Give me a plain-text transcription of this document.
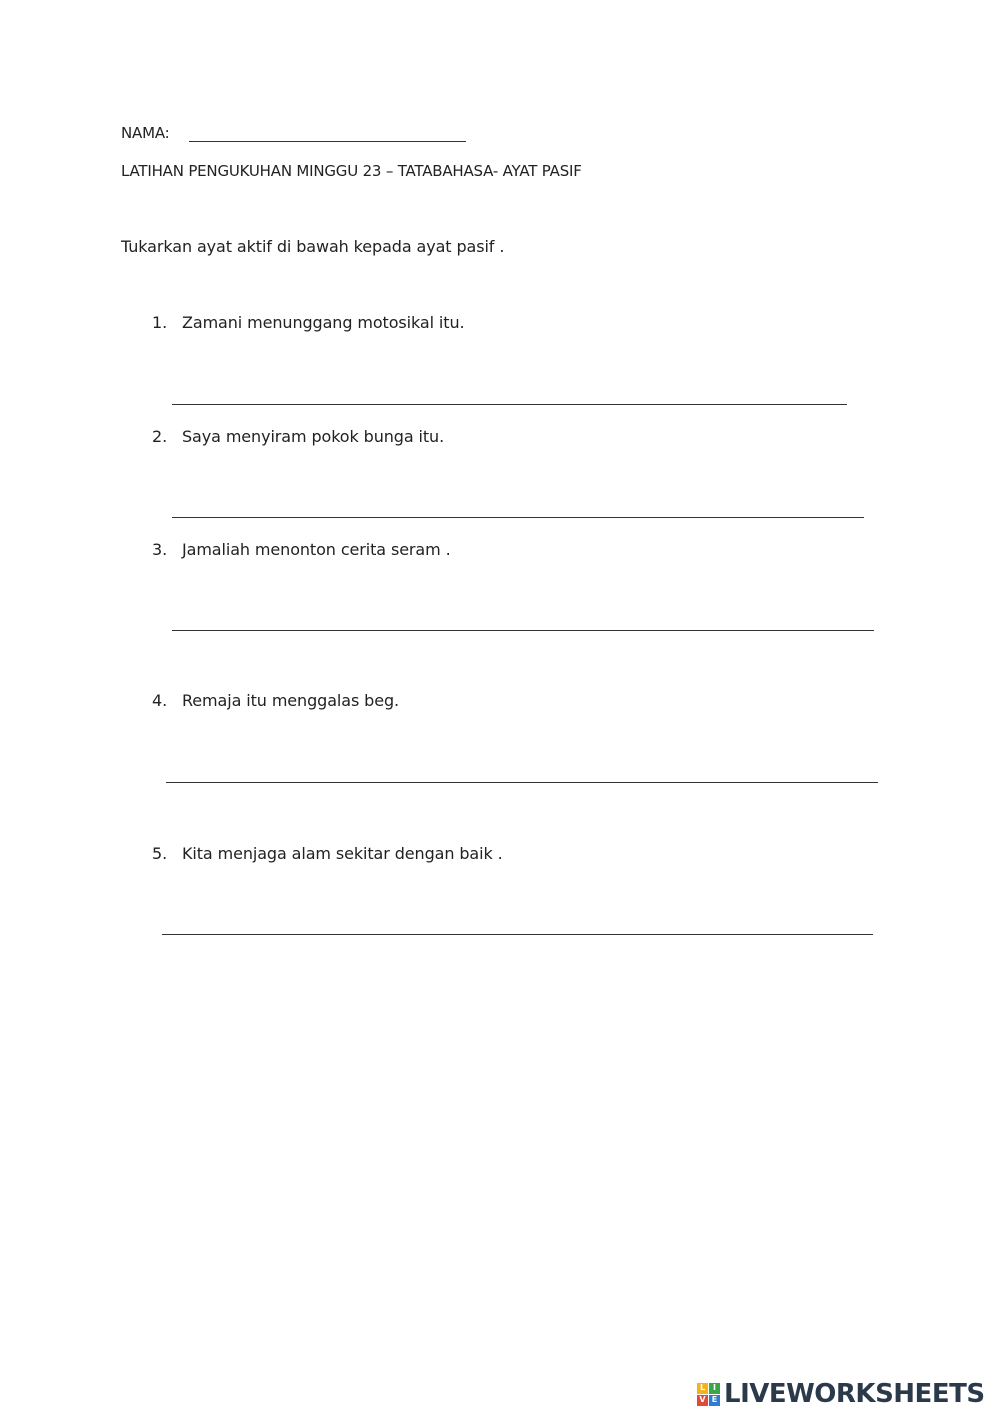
NAMA:
LATIHAN PENGUKUHAN MINGGU 23 – TATABAHASA- AYAT PASIF
Tukarkan ayat aktif di bawah kepada ayat pasif .
1. Zamani menunggang motosikal itu.
2. Saya menyiram pokok bunga itu.
3. Jamaliah menonton cerita seram .
4. Remaja itu menggalas beg.
5. Kita menjaga alam sekitar dengan baik .
L I
V E LIVEWORKSHEETS
